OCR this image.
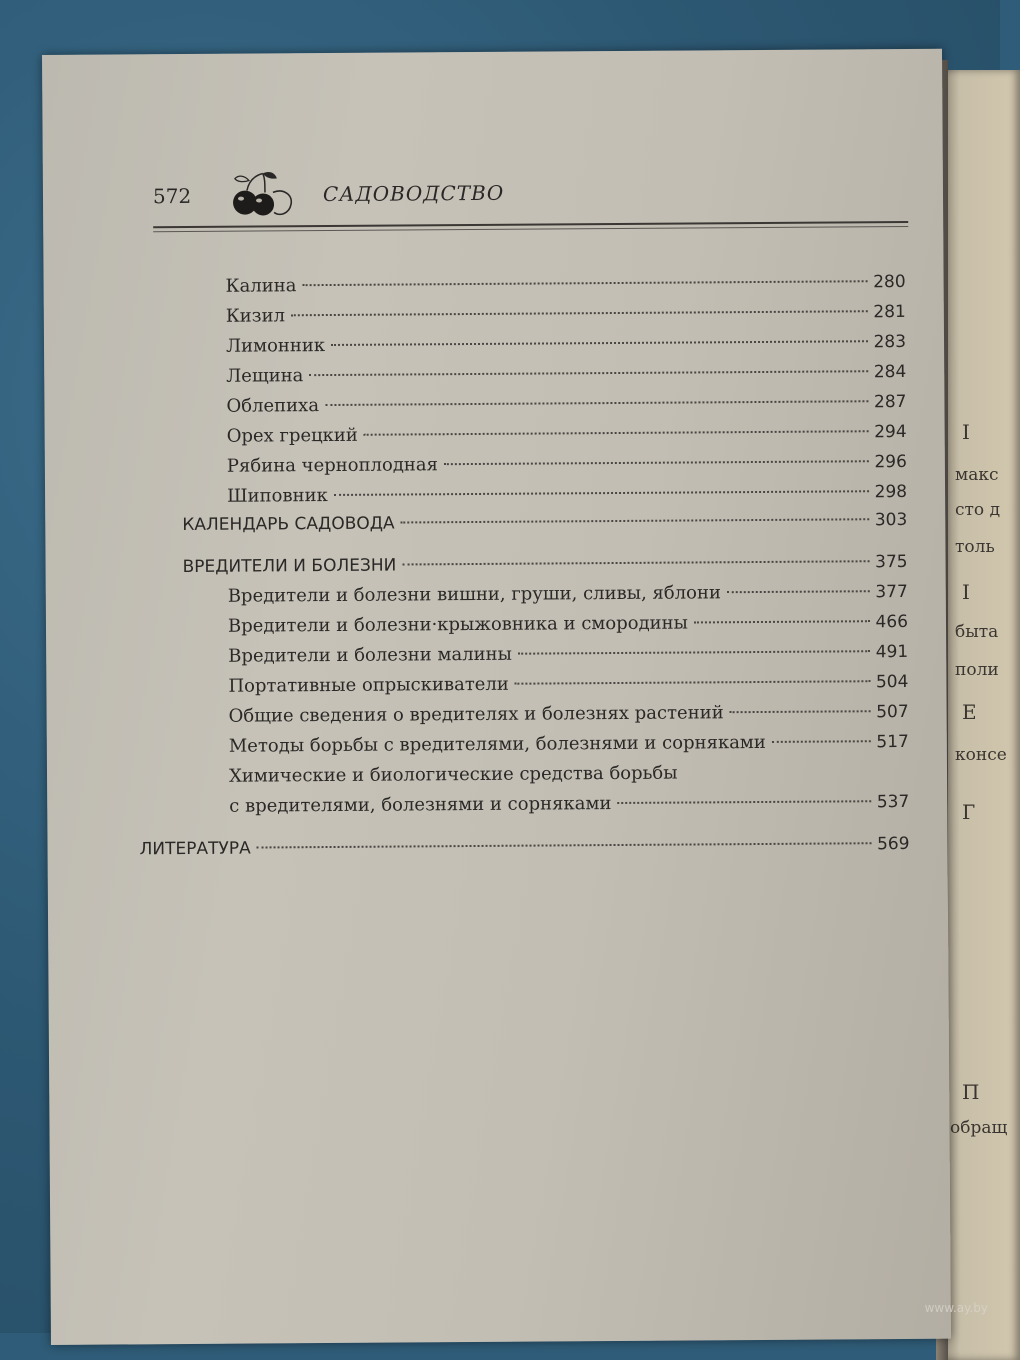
I
макс
сто д
толь
I
быта
поли
E
консе
Г
П
обращ
572	САДОВОДСТВО
Калина	280
Кизил	281
Лимонник	283
Лещина	284
Облепиха	287
Орех грецкий	294
Рябина черноплодная	296
Шиповник	298
КАЛЕНДАРЬ САДОВОДА	303
ВРЕДИТЕЛИ И БОЛЕЗНИ	375
Вредители и болезни вишни, груши, сливы, яблони	377
Вредители и болезни·крыжовника и смородины	466
Вредители и болезни малины	491
Портативные опрыскиватели	504
Общие сведения о вредителях и болезнях растений	507
Методы борьбы с вредителями, болезнями и сорняками	517
Химические и биологические средства борьбы
с вредителями, болезнями и сорняками	537
ЛИТЕРАТУРА	569
www.ay.by
